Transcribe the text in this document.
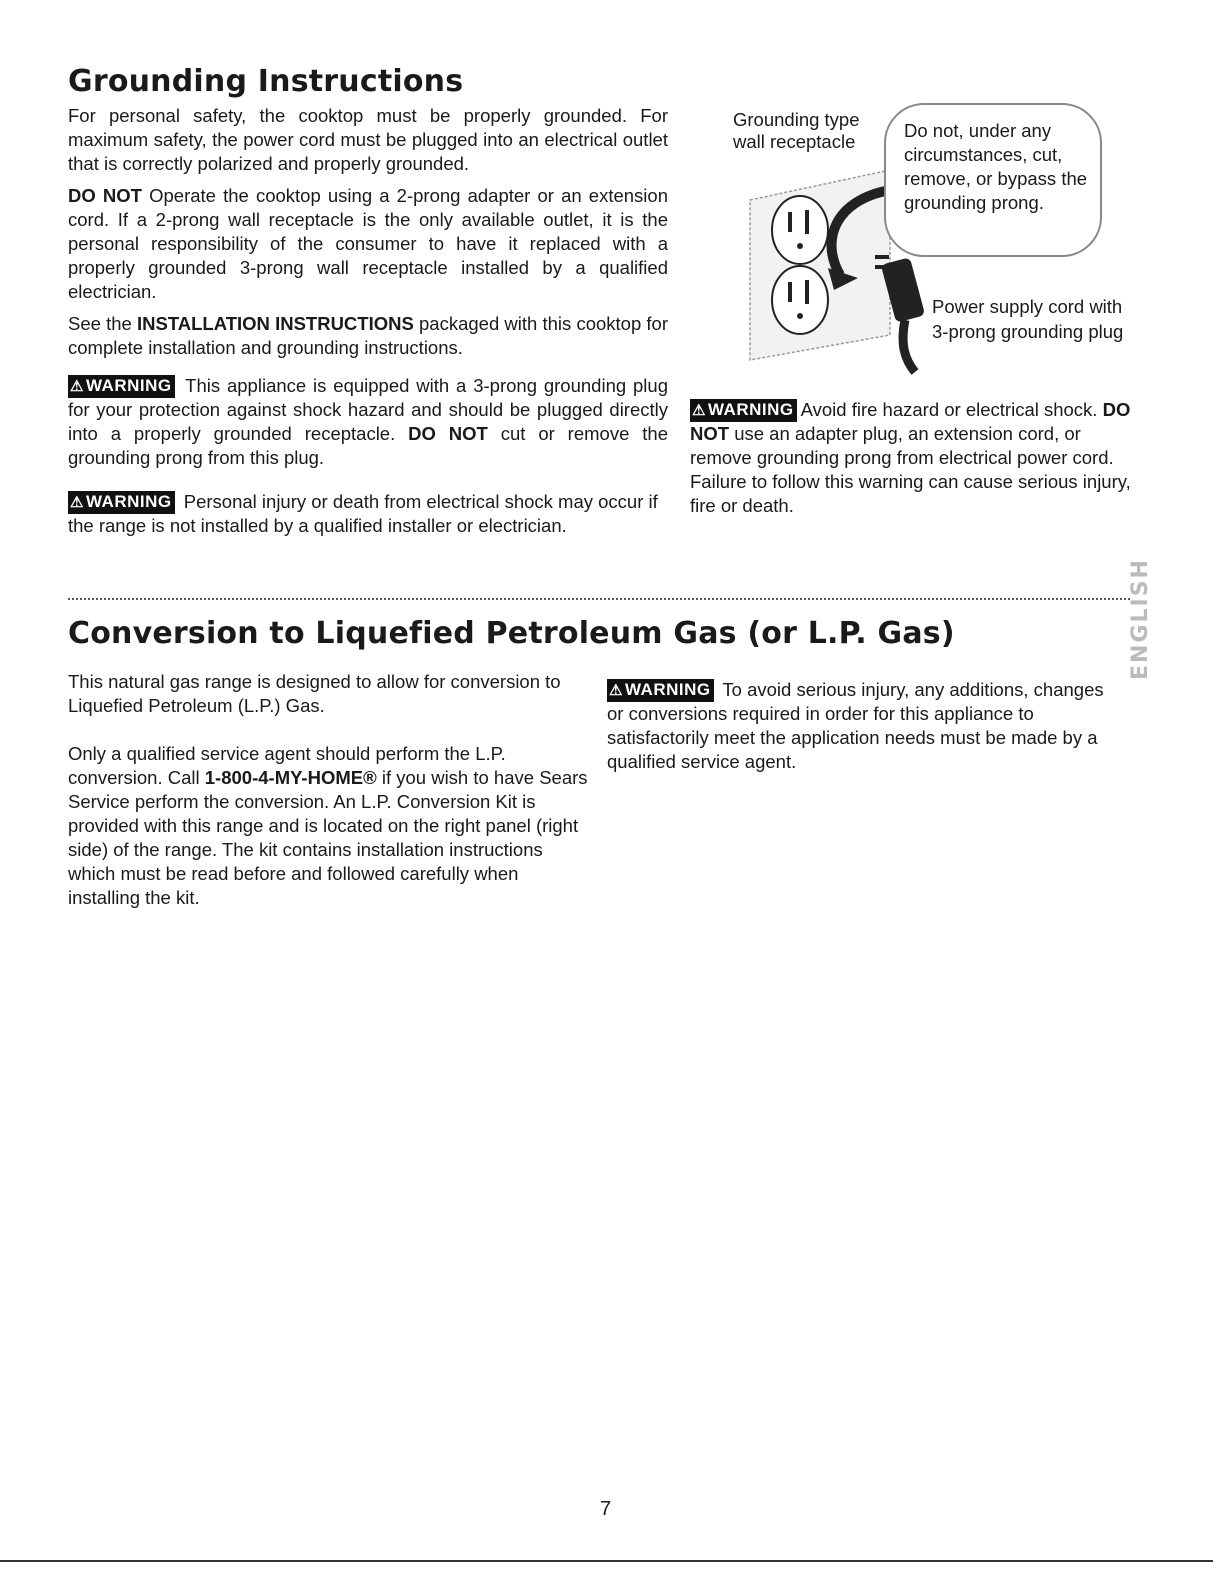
Grounding Instructions

For personal safety, the cooktop must be properly grounded. For maximum safety, the power cord must be plugged into an electrical outlet that is correctly polarized and properly grounded.

DO NOT Operate the cooktop using a 2-prong adapter or an extension cord. If a 2-prong wall receptacle is the only available outlet, it is the personal responsibility of the consumer to have it replaced with a properly grounded 3-prong wall receptacle installed by a qualified electrician.

See the INSTALLATION INSTRUCTIONS packaged with this cooktop for complete installation and grounding instructions.

⚠ WARNING This appliance is equipped with a 3-prong grounding plug for your protection against shock hazard and should be plugged directly into a properly grounded receptacle. DO NOT cut or remove the grounding prong from this plug.

⚠ WARNING Personal injury or death from electrical shock may occur if the range is not installed by a qualified installer or electrician.

Grounding type wall receptacle
Do not, under any circumstances, cut, remove, or bypass the grounding prong.
Power supply cord with 3-prong grounding plug

⚠ WARNING Avoid fire hazard or electrical shock. DO NOT use an adapter plug, an extension cord, or remove grounding prong from electrical power cord. Failure to follow this warning can cause serious injury, fire or death.

ENGLISH
Conversion to Liquefied Petroleum Gas (or L.P. Gas)

This natural gas range is designed to allow for conversion to Liquefied Petroleum (L.P.) Gas.

Only a qualified service agent should perform the L.P. conversion. Call 1-800-4-MY-HOME® if you wish to have Sears Service perform the conversion. An L.P. Conversion Kit is provided with this range and is located on the right panel (right side) of the range. The kit contains installation instructions which must be read before and followed carefully when installing the kit.

⚠ WARNING To avoid serious injury, any additions, changes or conversions required in order for this appliance to satisfactorily meet the application needs must be made by a qualified service agent.

7
